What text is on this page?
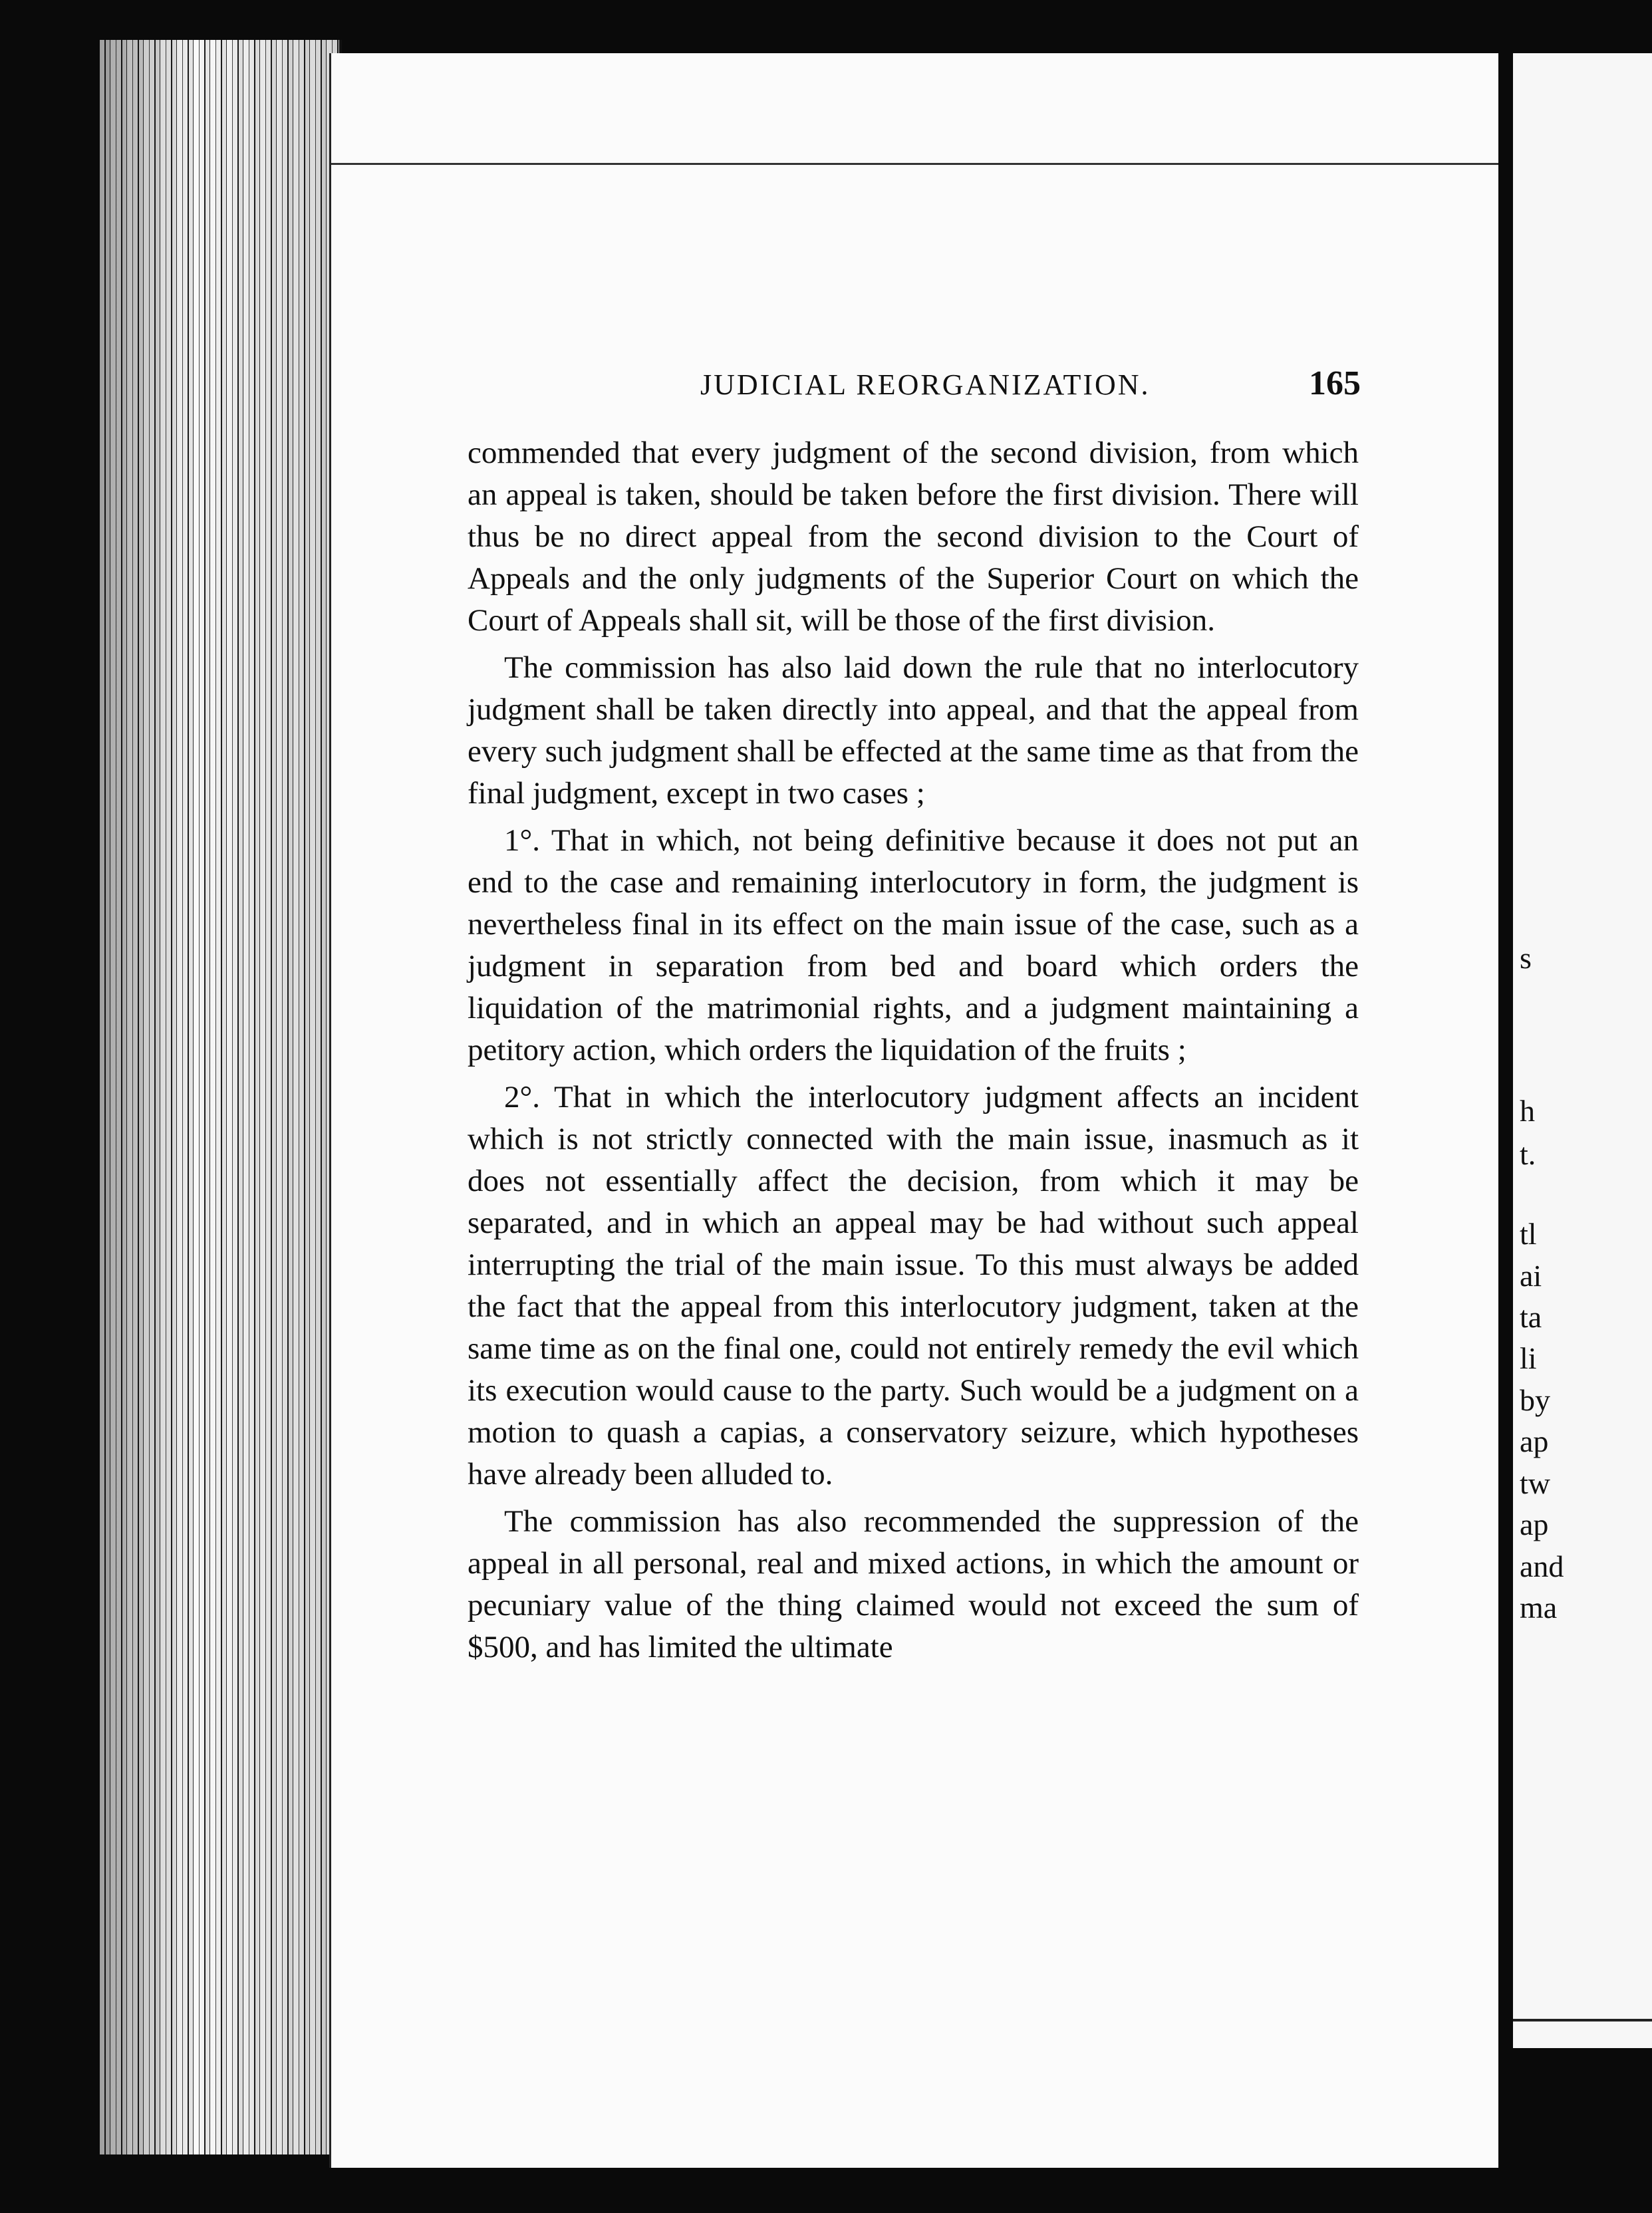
JUDICIAL REORGANIZATION.	165

commended that every judgment of the second division, from which an appeal is taken, should be taken before the first division. There will thus be no direct appeal from the second division to the Court of Appeals and the only judgments of the Superior Court on which the Court of Appeals shall sit, will be those of the first division.

The commission has also laid down the rule that no interlocutory judgment shall be taken directly into appeal, and that the appeal from every such judgment shall be effected at the same time as that from the final judgment, except in two cases ;

1°. That in which, not being definitive because it does not put an end to the case and remaining interlocutory in form, the judgment is nevertheless final in its effect on the main issue of the case, such as a judgment in separation from bed and board which orders the liquidation of the matrimonial rights, and a judgment maintaining a petitory action, which orders the liquidation of the fruits ;

2°. That in which the interlocutory judgment affects an incident which is not strictly connected with the main issue, inasmuch as it does not essentially affect the decision, from which it may be separated, and in which an appeal may be had without such appeal interrupting the trial of the main issue. To this must always be added the fact that the appeal from this interlocutory judgment, taken at the same time as on the final one, could not entirely remedy the evil which its execution would cause to the party. Such would be a judgment on a motion to quash a capias, a conservatory seizure, which hypotheses have already been alluded to.

The commission has also recommended the suppression of the appeal in all personal, real and mixed actions, in which the amount or pecuniary value of the thing claimed would not exceed the sum of $500, and has limited the ultimate

s
h
t.
tl
ai
ta
li
by
ap
tw
ap
and
ma
